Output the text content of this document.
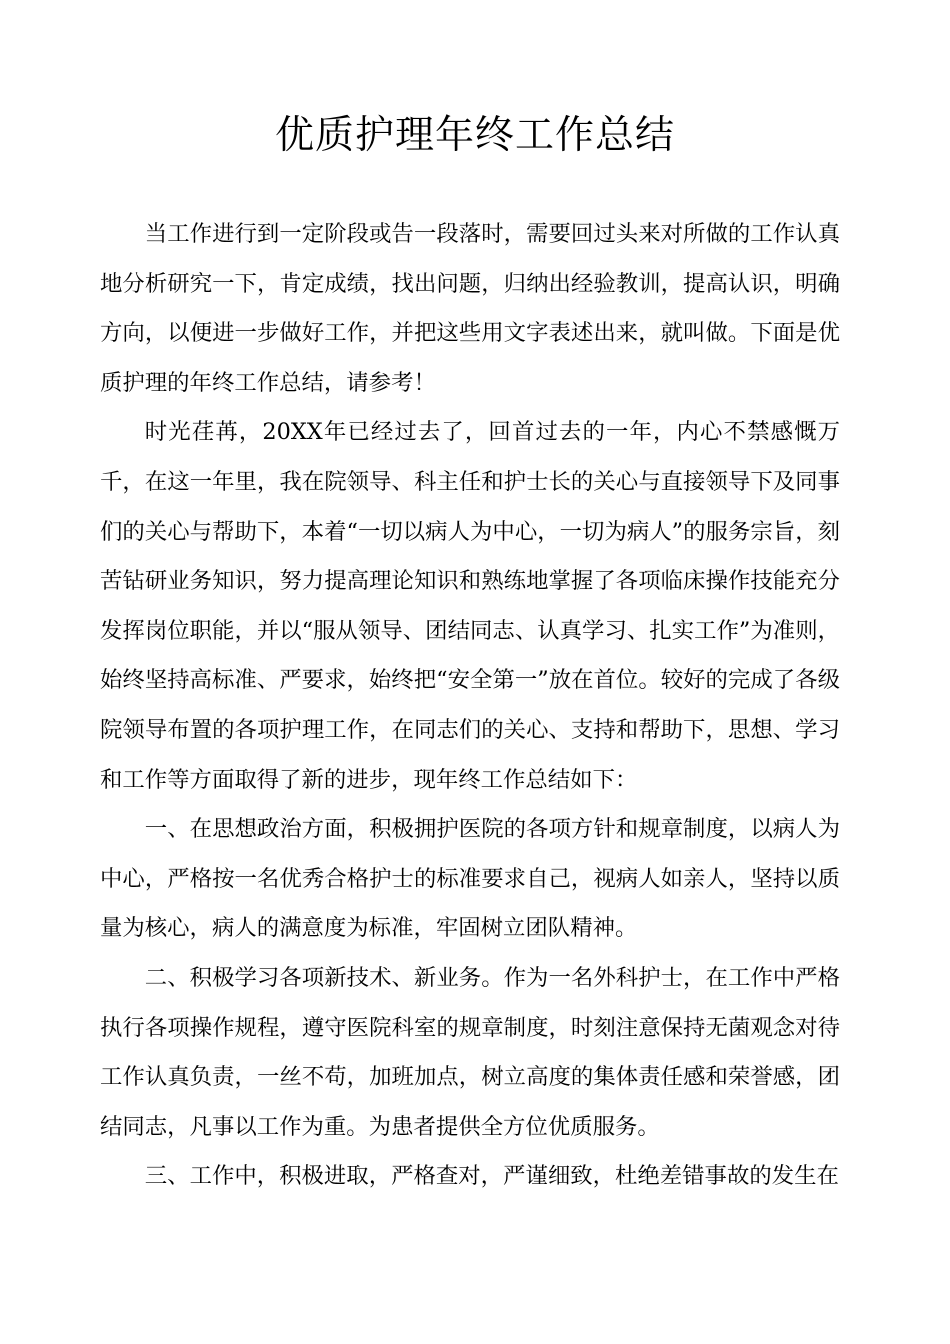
优质护理年终工作总结

当工作进行到一定阶段或告一段落时，需要回过头来对所做的工作认真地分析研究一下，肯定成绩，找出问题，归纳出经验教训，提高认识，明确方向，以便进一步做好工作，并把这些用文字表述出来，就叫做。下面是优质护理的年终工作总结，请参考！

时光荏苒，20XX年已经过去了，回首过去的一年，内心不禁感慨万千，在这一年里，我在院领导、科主任和护士长的关心与直接领导下及同事们的关心与帮助下，本着“一切以病人为中心，一切为病人”的服务宗旨，刻苦钻研业务知识，努力提高理论知识和熟练地掌握了各项临床操作技能充分发挥岗位职能，并以“服从领导、团结同志、认真学习、扎实工作”为准则，始终坚持高标准、严要求，始终把“安全第一”放在首位。较好的完成了各级院领导布置的各项护理工作，在同志们的关心、支持和帮助下，思想、学习和工作等方面取得了新的进步，现年终工作总结如下：

一、在思想政治方面，积极拥护医院的各项方针和规章制度，以病人为中心，严格按一名优秀合格护士的标准要求自己，视病人如亲人，坚持以质量为核心，病人的满意度为标准，牢固树立团队精神。

二、积极学习各项新技术、新业务。作为一名外科护士，在工作中严格执行各项操作规程，遵守医院科室的规章制度，时刻注意保持无菌观念对待工作认真负责，一丝不苟，加班加点，树立高度的集体责任感和荣誉感，团结同志，凡事以工作为重。为患者提供全方位优质服务。

三、工作中，积极进取，严格查对，严谨细致，杜绝差错事故的发生在
